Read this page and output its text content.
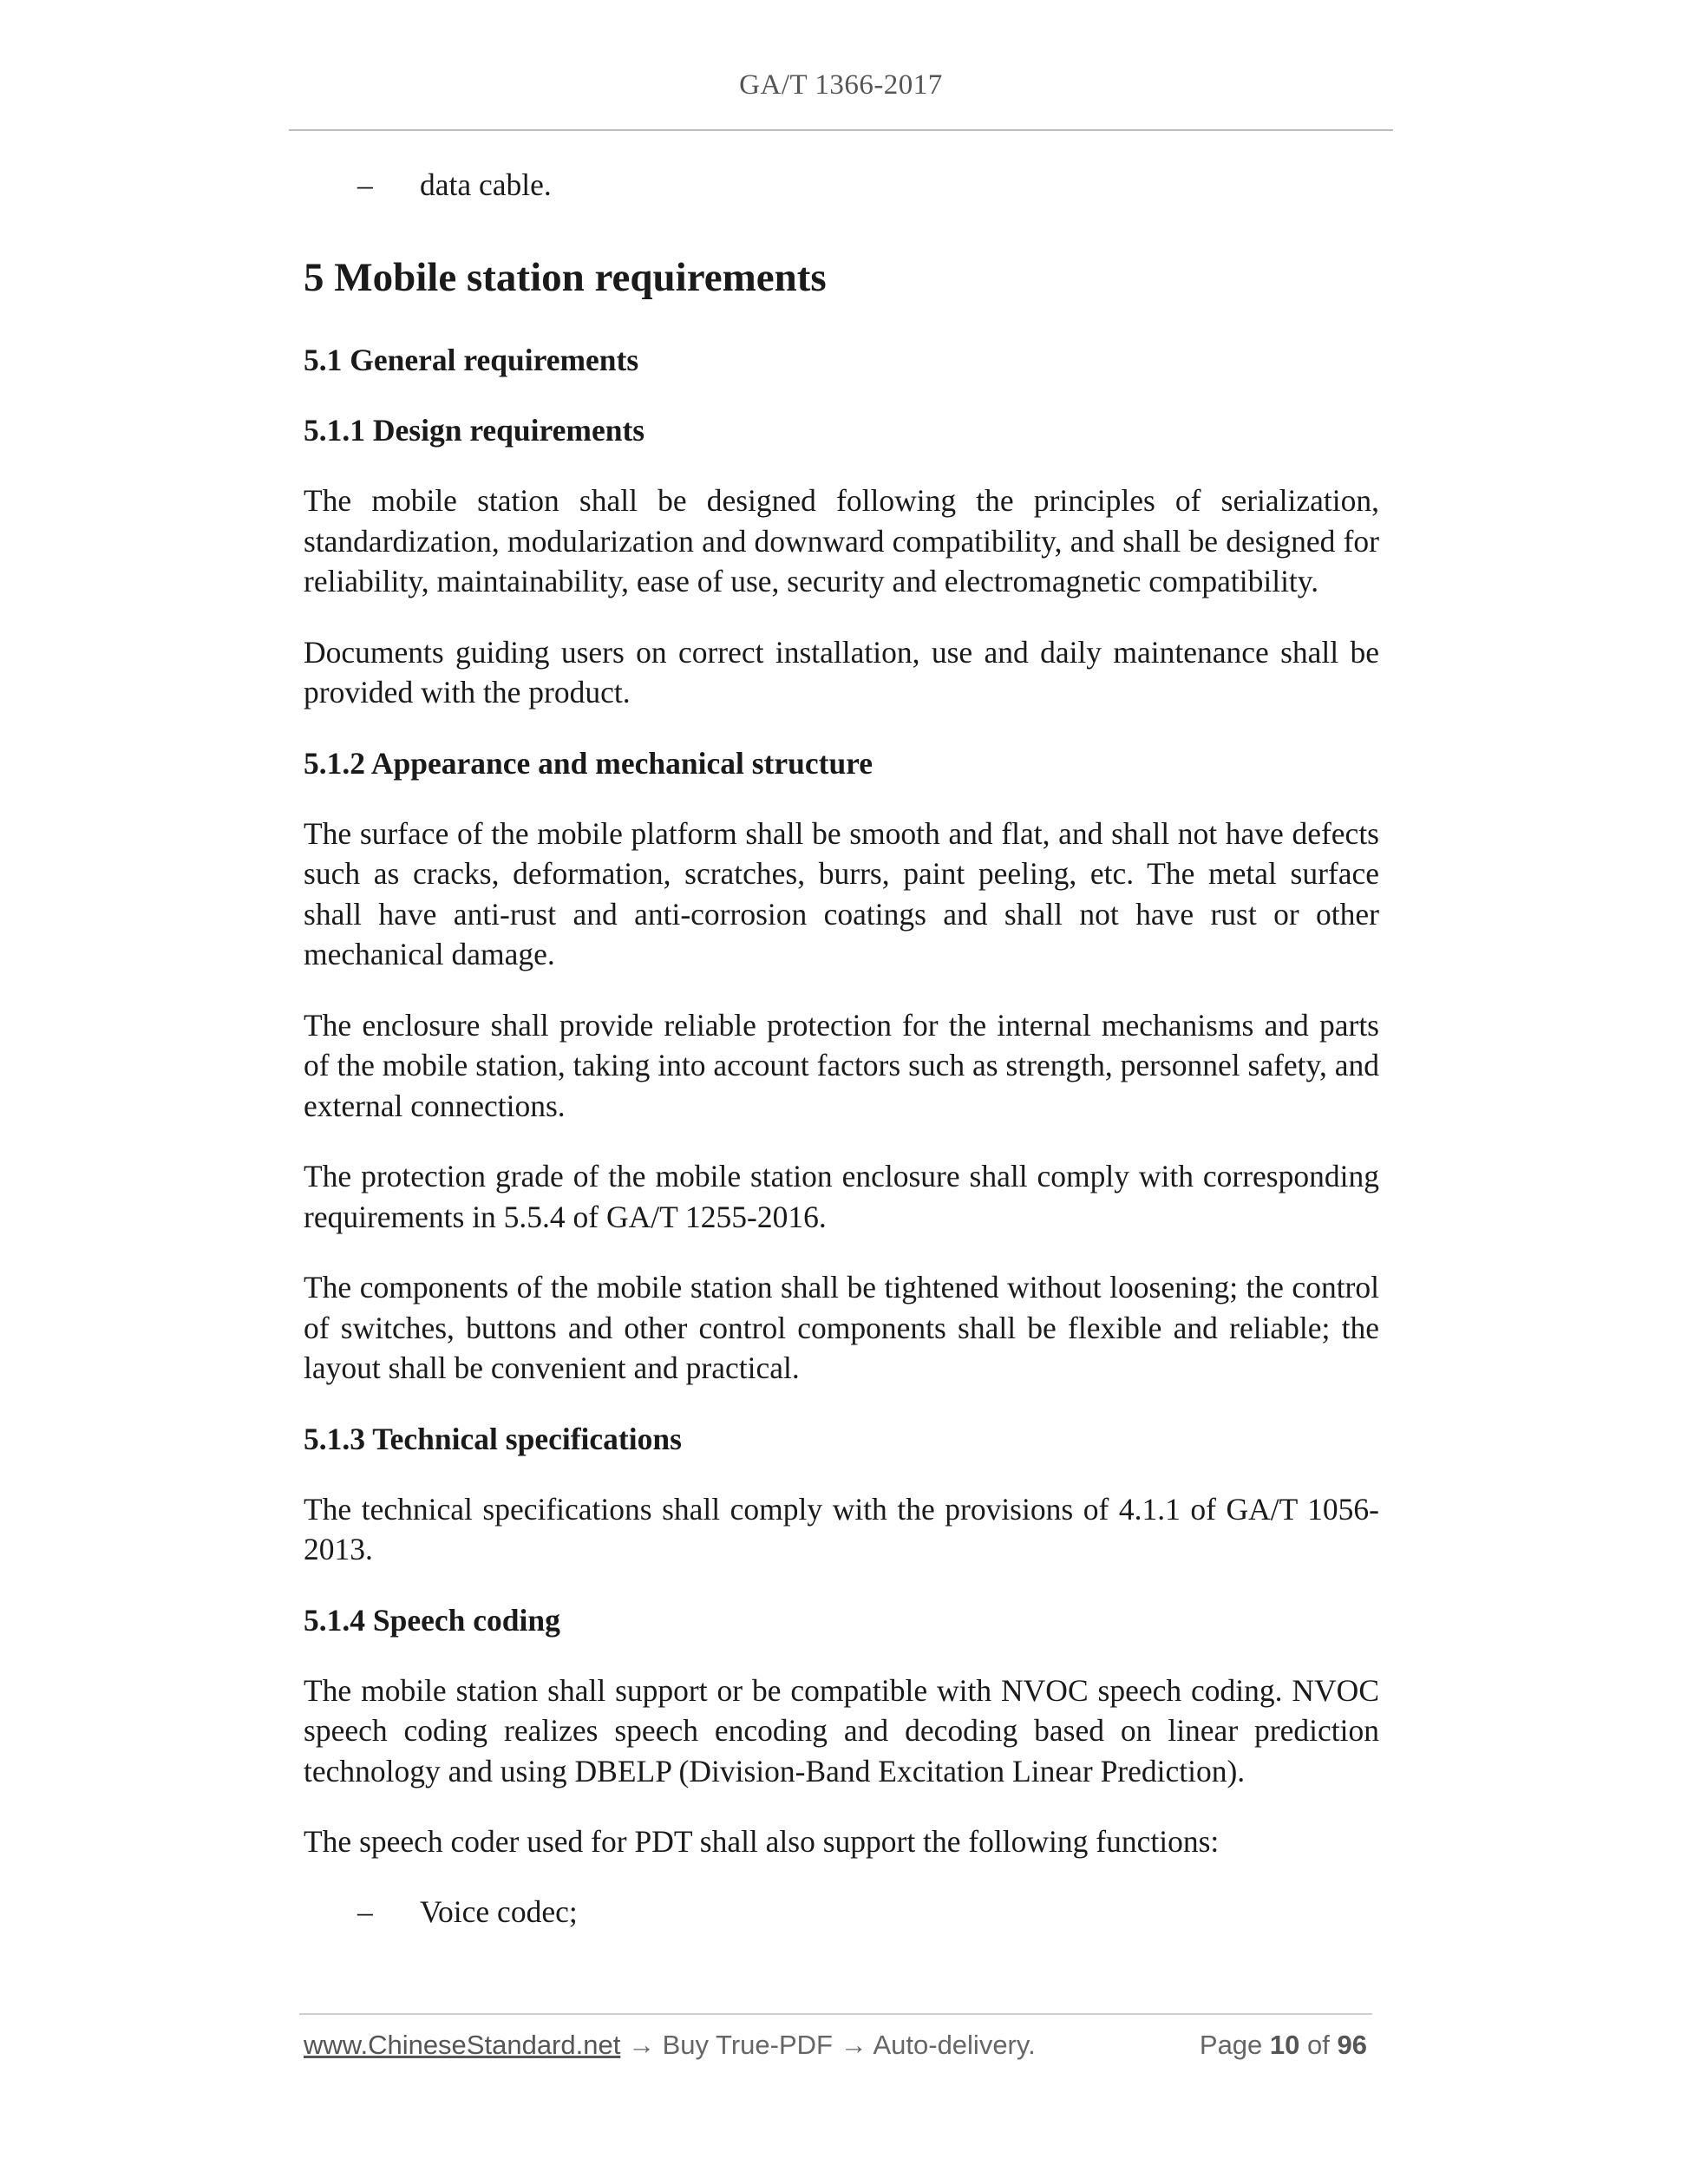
GA/T 1366-2017
– data cable.
5 Mobile station requirements
5.1 General requirements
5.1.1 Design requirements

The mobile station shall be designed following the principles of serialization, standardization, modularization and downward compatibility, and shall be designed for reliability, maintainability, ease of use, security and electromagnetic compatibility.

Documents guiding users on correct installation, use and daily maintenance shall be provided with the product.

5.1.2 Appearance and mechanical structure

The surface of the mobile platform shall be smooth and flat, and shall not have defects such as cracks, deformation, scratches, burrs, paint peeling, etc. The metal surface shall have anti-rust and anti-corrosion coatings and shall not have rust or other mechanical damage.

The enclosure shall provide reliable protection for the internal mechanisms and parts of the mobile station, taking into account factors such as strength, personnel safety, and external connections.

The protection grade of the mobile station enclosure shall comply with corresponding requirements in 5.5.4 of GA/T 1255-2016.

The components of the mobile station shall be tightened without loosening; the control of switches, buttons and other control components shall be flexible and reliable; the layout shall be convenient and practical.

5.1.3 Technical specifications

The technical specifications shall comply with the provisions of 4.1.1 of GA/T 1056-2013.

5.1.4 Speech coding

The mobile station shall support or be compatible with NVOC speech coding. NVOC speech coding realizes speech encoding and decoding based on linear prediction technology and using DBELP (Division-Band Excitation Linear Prediction).

The speech coder used for PDT shall also support the following functions:

– Voice codec;
www.ChineseStandard.net → Buy True-PDF → Auto-delivery.	Page 10 of 96
